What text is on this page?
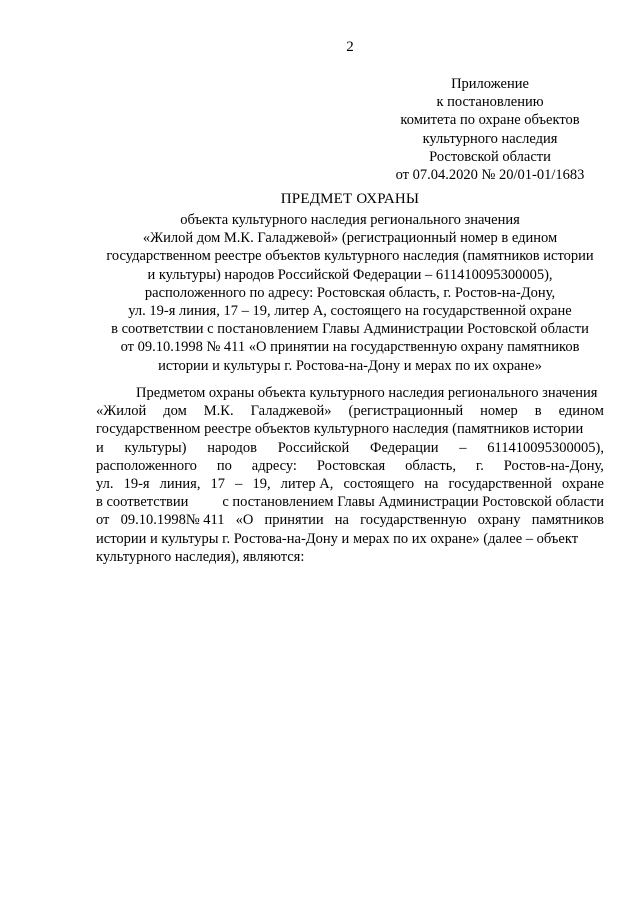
2
Приложение
к постановлению
комитета по охране объектов
культурного наследия
Ростовской области
от 07.04.2020 № 20/01-01/1683
ПРЕДМЕТ ОХРАНЫ
объекта культурного наследия регионального значения
«Жилой дом М.К. Галаджевой» (регистрационный номер в едином
государственном реестре объектов культурного наследия (памятников истории
и культуры) народов Российской Федерации – 611410095300005),
расположенного по адресу: Ростовская область, г. Ростов-на-Дону,
ул. 19-я линия, 17 – 19, литер А, состоящего на государственной охране
в соответствии с постановлением Главы Администрации Ростовской области
от 09.10.1998 № 411 «О принятии на государственную охрану памятников
истории и культуры г. Ростова-на-Дону и мерах по их охране»
Предметом охраны объекта культурного наследия регионального значения
«Жилой дом М.К. Галаджевой» (регистрационный номер в едином
государственном реестре объектов культурного наследия (памятников истории
и культуры) народов Российской Федерации – 611410095300005),
расположенного по адресу: Ростовская область, г. Ростов-на-Дону,
ул. 19-я линия, 17 – 19, литер А, состоящего на государственной охране
в соответствии с постановлением Главы Администрации Ростовской области
от 09.10.1998№ 411 «О принятии на государственную охрану памятников
истории и культуры г. Ростова-на-Дону и мерах по их охране» (далее – объект
культурного наследия), являются:
